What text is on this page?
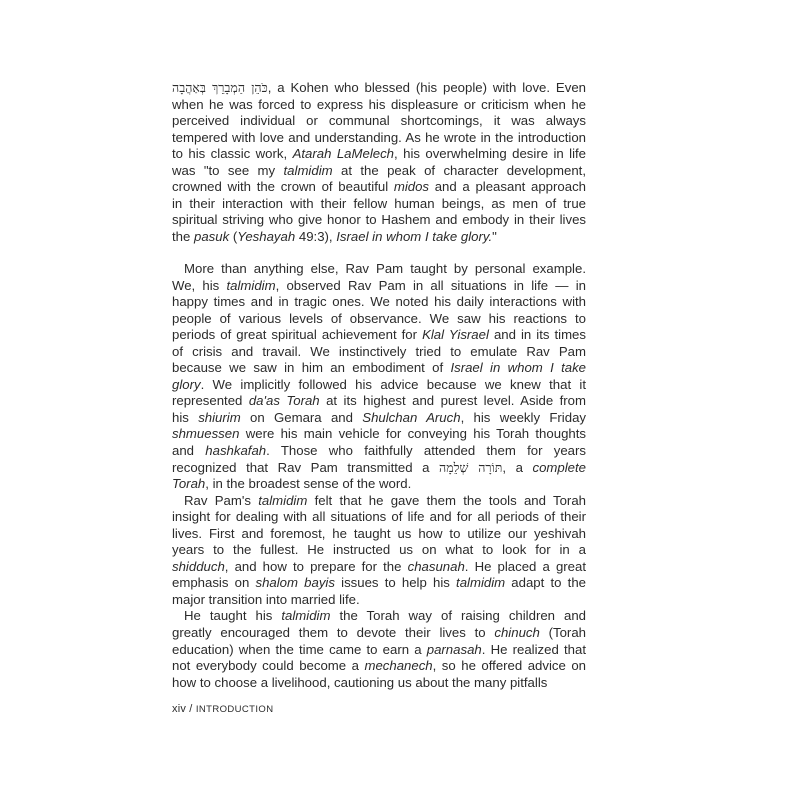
כֹּהֵן הַמְבָרֵךְ בְּאַהֲבָה, a Kohen who blessed (his people) with love. Even
when he was forced to express his displeasure or criticism when he
perceived individual or communal shortcomings, it was always
tempered with love and understanding. As he wrote in the introduction
to his classic work, Atarah LaMelech, his overwhelming desire in life
was "to see my talmidim at the peak of character development,
crowned with the crown of beautiful midos and a pleasant approach
in their interaction with their fellow human beings, as men of true
spiritual striving who give honor to Hashem and embody in their lives
the pasuk (Yeshayah 49:3), Israel in whom I take glory."
More than anything else, Rav Pam taught by personal example.
We, his talmidim, observed Rav Pam in all situations in life — in
happy times and in tragic ones. We noted his daily interactions with
people of various levels of observance. We saw his reactions to
periods of great spiritual achievement for Klal Yisrael and in its times
of crisis and travail. We instinctively tried to emulate Rav Pam
because we saw in him an embodiment of Israel in whom I take
glory. We implicitly followed his advice because we knew that it
represented da'as Torah at its highest and purest level. Aside from
his shiurim on Gemara and Shulchan Aruch, his weekly Friday
shmuessen were his main vehicle for conveying his Torah thoughts
and hashkafah. Those who faithfully attended them for years
recognized that Rav Pam transmitted a תּוֹרָה שְׁלֵמָה, a complete
Torah, in the broadest sense of the word.
Rav Pam's talmidim felt that he gave them the tools and Torah
insight for dealing with all situations of life and for all periods of their
lives. First and foremost, he taught us how to utilize our yeshivah
years to the fullest. He instructed us on what to look for in a
shidduch, and how to prepare for the chasunah. He placed a great
emphasis on shalom bayis issues to help his talmidim adapt to the
major transition into married life.
He taught his talmidim the Torah way of raising children and
greatly encouraged them to devote their lives to chinuch (Torah
education) when the time came to earn a parnasah. He realized that
not everybody could become a mechanech, so he offered advice on
how to choose a livelihood, cautioning us about the many pitfalls
xiv / INTRODUCTION
